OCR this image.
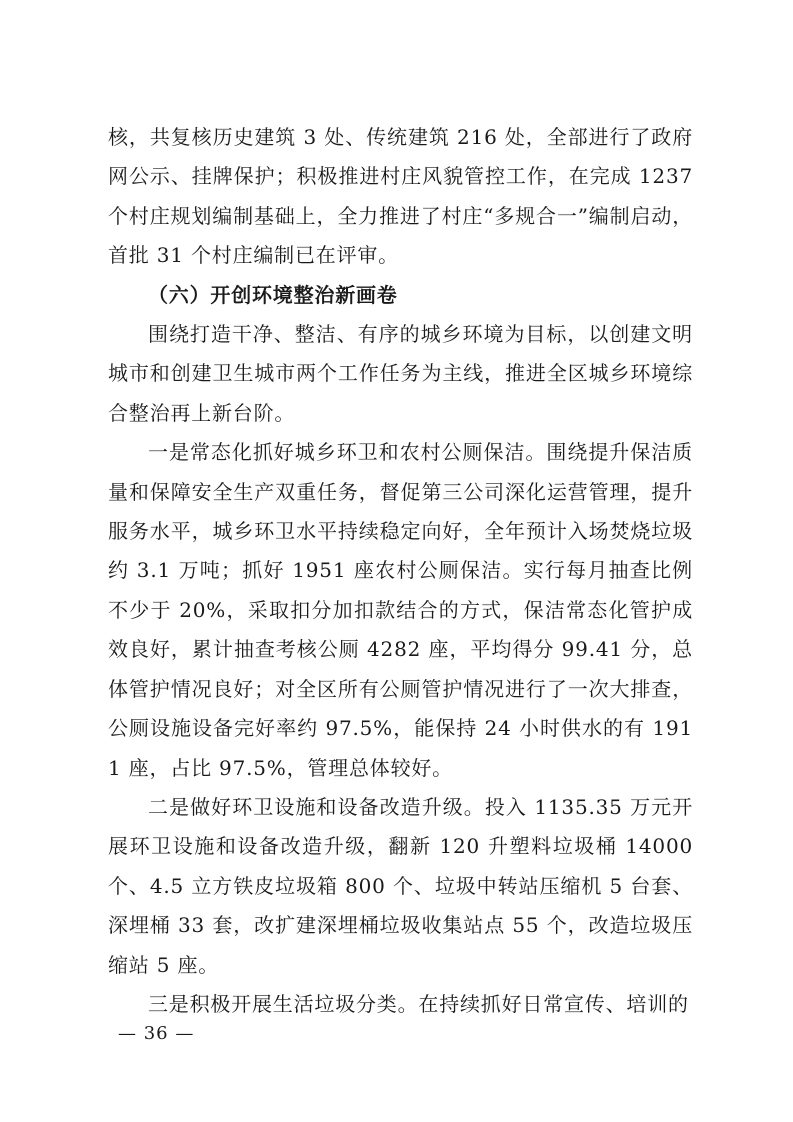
核，共复核历史建筑 3 处、传统建筑 216 处，全部进行了政府网公示、挂牌保护；积极推进村庄风貌管控工作，在完成 1237 个村庄规划编制基础上，全力推进了村庄“多规合一”编制启动，首批 31 个村庄编制已在评审。

（六）开创环境整治新画卷

围绕打造干净、整洁、有序的城乡环境为目标，以创建文明城市和创建卫生城市两个工作任务为主线，推进全区城乡环境综合整治再上新台阶。

一是常态化抓好城乡环卫和农村公厕保洁。围绕提升保洁质量和保障安全生产双重任务，督促第三公司深化运营管理，提升服务水平，城乡环卫水平持续稳定向好，全年预计入场焚烧垃圾约 3.1 万吨；抓好 1951 座农村公厕保洁。实行每月抽查比例不少于 20%，采取扣分加扣款结合的方式，保洁常态化管护成效良好，累计抽查考核公厕 4282 座，平均得分 99.41 分，总体管护情况良好；对全区所有公厕管护情况进行了一次大排查，公厕设施设备完好率约 97.5%，能保持 24 小时供水的有 1911 座，占比 97.5%，管理总体较好。

二是做好环卫设施和设备改造升级。投入 1135.35 万元开展环卫设施和设备改造升级，翻新 120 升塑料垃圾桶 14000 个、4.5 立方铁皮垃圾箱 800 个、垃圾中转站压缩机 5 台套、深埋桶 33 套，改扩建深埋桶垃圾收集站点 55 个，改造垃圾压缩站 5 座。

三是积极开展生活垃圾分类。在持续抓好日常宣传、培训的

— 36 —
